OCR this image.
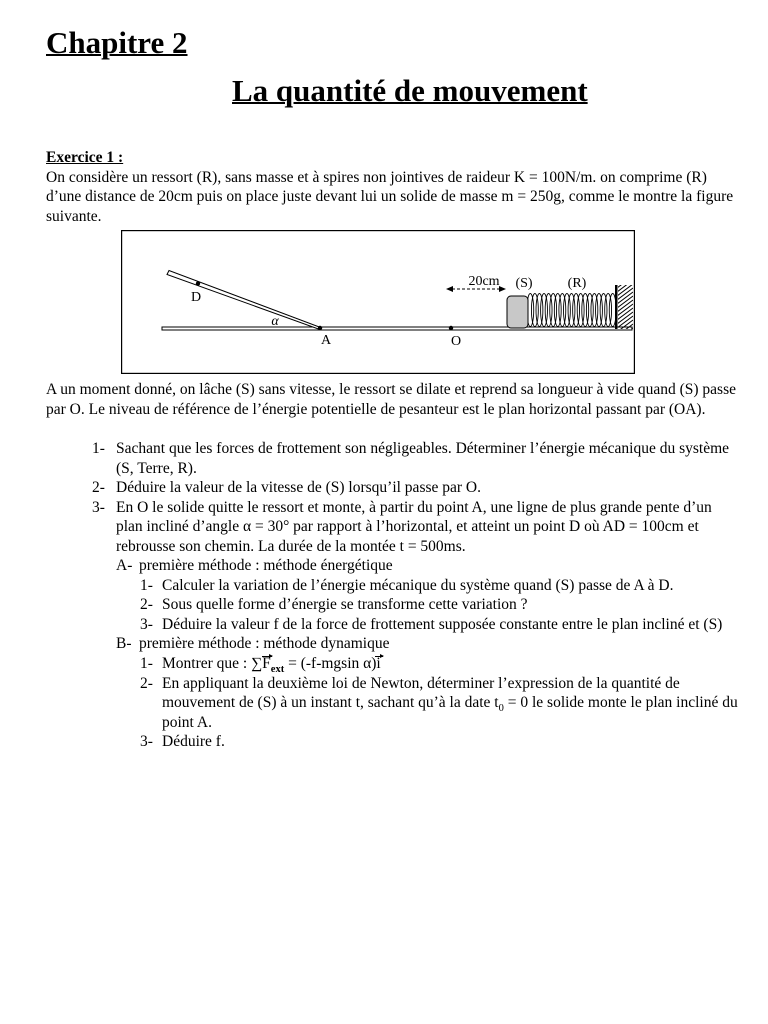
Chapitre 2
La quantité de mouvement
Exercice 1 :
On considère un ressort (R), sans masse et à spires non jointives de raideur K = 100N/m. on comprime (R)
d’une distance de 20cm puis on place juste devant lui un solide de masse m = 250g, comme le montre la figure
suivante.
D
α
A	O
20cm (S)	(R)
A un moment donné, on lâche (S) sans vitesse, le ressort se dilate et reprend sa longueur à vide quand (S) passe
par O. Le niveau de référence de l’énergie potentielle de pesanteur est le plan horizontal passant par (OA).
1- Sachant que les forces de frottement son négligeables. Déterminer l’énergie mécanique du système
(S, Terre, R).
2- Déduire la valeur de la vitesse de (S) lorsqu’il passe par O.
3- En O le solide quitte le ressort et monte, à partir du point A, une ligne de plus grande pente d’un
plan incliné d’angle α = 30° par rapport à l’horizontal, et atteint un point D où AD = 100cm et
rebrousse son chemin. La durée de la montée t = 500ms.
A- première méthode : méthode énergétique
1- Calculer la variation de l’énergie mécanique du système quand (S) passe de A à D.
2- Sous quelle forme d’énergie se transforme cette variation ?
3- Déduire la valeur f de la force de frottement supposée constante entre le plan incliné et (S)
B- première méthode : méthode dynamique
1- Montrer que : $\sum F_{ext} = (-f-mgsin$ α)i
2- En appliquant la deuxième loi de Newton, déterminer l’expression de la quantité de
mouvement de (S) à un instant t, sachant qu’à la date $t_0 = 0$ le solide monte le plan incliné du
point A.
3- Déduire f.
